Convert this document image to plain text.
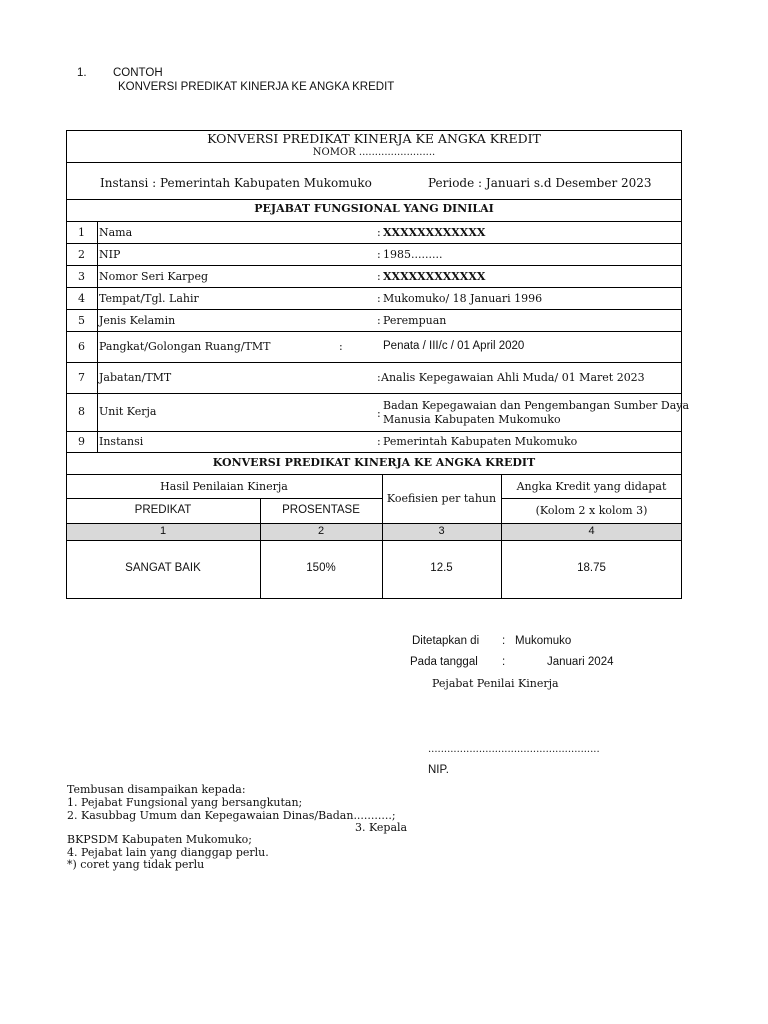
1. CONTOH
KONVERSI PREDIKAT KINERJA KE ANGKA KREDIT
KONVERSI PREDIKAT KINERJA KE ANGKA KREDIT
NOMOR ........................
Instansi : Pemerintah Kabupaten Mukomuko	Periode : Januari s.d Desember 2023
PEJABAT FUNGSIONAL YANG DINILAI
1	Nama	: XXXXXXXXXXXX
2	NIP	: 1985.........
3	Nomor Seri Karpeg	: XXXXXXXXXXXX
4	Tempat/Tgl. Lahir	: Mukomuko/ 18 Januari 1996
5	Jenis Kelamin	: Perempuan
6	Pangkat/Golongan Ruang/TMT	:	Penata / III/c / 01 April 2020
7	Jabatan/TMT	: Analis Kepegawaian Ahli Muda/ 01 Maret 2023
8	Unit Kerja	:
Badan Kepegawaian dan Pengembangan Sumber Daya
Manusia Kabupaten Mukomuko
9	Instansi	: Pemerintah Kabupaten Mukomuko
KONVERSI PREDIKAT KINERJA KE ANGKA KREDIT
Hasil Penilaian Kinerja
Koefisien per tahun
Angka Kredit yang didapat
PREDIKAT	PROSENTASE	(Kolom 2 x kolom 3)
1	2	3	4
SANGAT BAIK	150%	12.5	18.75
Ditetapkan di : Mukomuko
Pada tanggal :	Januari 2024
Pejabat Penilai Kinerja
......................................................
NIP.
Tembusan disampaikan kepada:
1. Pejabat Fungsional yang bersangkutan;
2. Kasubbag Umum dan Kepegawaian Dinas/Badan...........;
3. Kepala
BKPSDM Kabupaten Mukomuko;
4. Pejabat lain yang dianggap perlu.
*) coret yang tidak perlu
